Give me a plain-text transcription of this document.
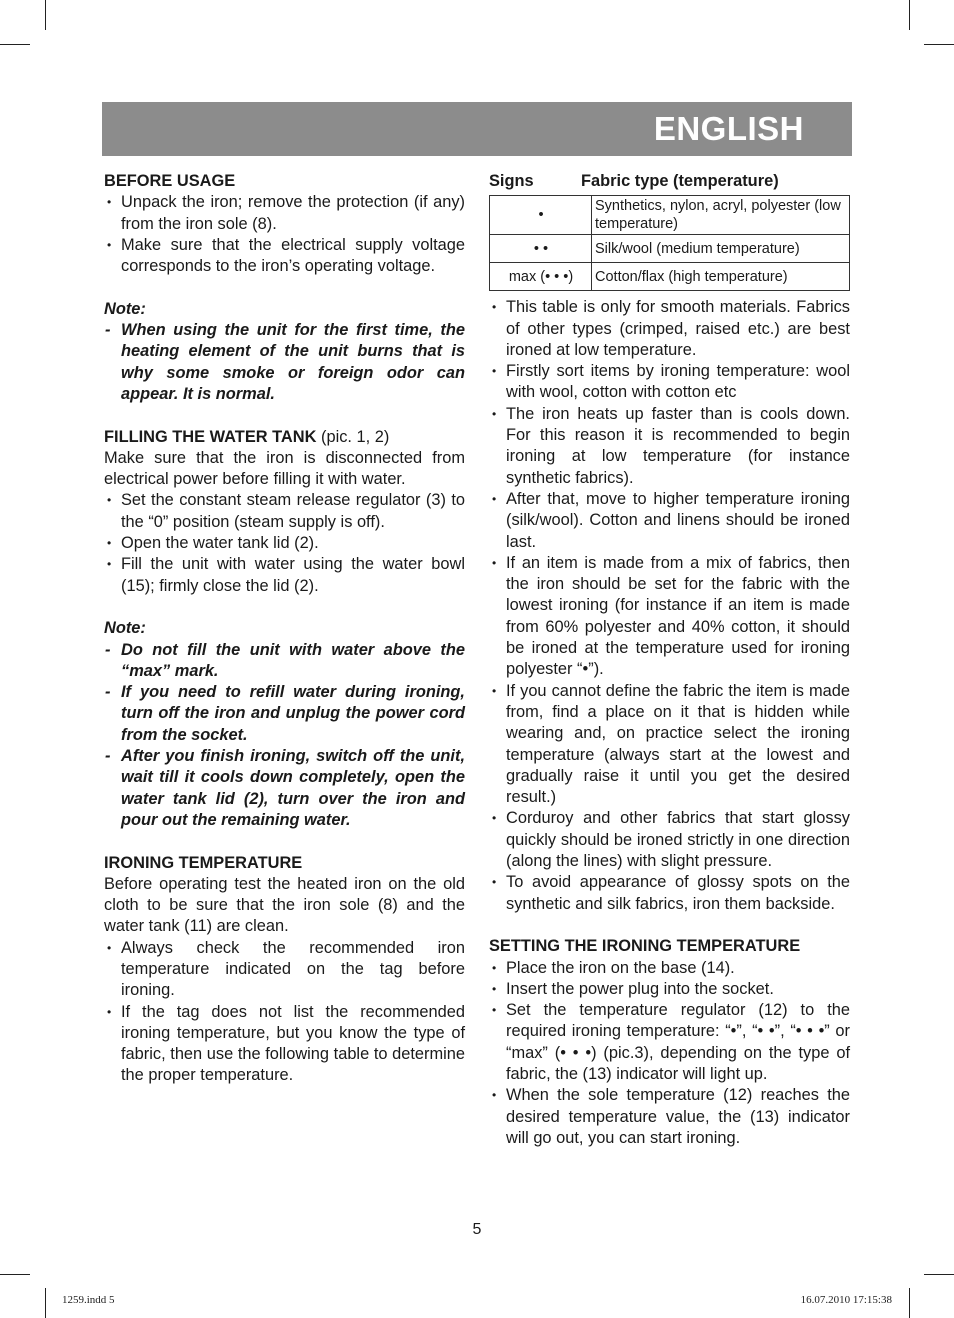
ENGLISH

BEFORE USAGE

• Unpack the iron; remove the protection (if any) from the iron sole (8).
• Make sure that the electrical supply voltage corresponds to the iron’s operating voltage.

Note:

- When using the unit for the first time, the heating element of the unit burns that is why some smoke or foreign odor can appear. It is normal.

FILLING THE WATER TANK (pic. 1, 2)

Make sure that the iron is disconnected from electrical power before filling it with water.

• Set the constant steam release regulator (3) to the “0” position (steam supply is off).
• Open the water tank lid (2).
• Fill the unit with water using the water bowl (15); firmly close the lid (2).

Note:

- Do not fill the unit with water above the “max” mark.
- If you need to refill water during ironing, turn off the iron and unplug the power cord from the socket.
- After you finish ironing, switch off the unit, wait till it cools down completely, open the water tank lid (2), turn over the iron and pour out the remaining water.

IRONING TEMPERATURE

Before operating test the heated iron on the old cloth to be sure that the iron sole (8) and the water tank (11) are clean.

• Always check the recommended iron temperature indicated on the tag before ironing.
• If the tag does not list the recommended ironing temperature, but you know the type of fabric, then use the following table to determine the proper temperature.
Signs	Fabric type (temperature)
•	Synthetics, nylon, acryl, polyester (low temperature)
• •	Silk/wool (medium temperature)
max (• • •)	Cotton/flax (high temperature)
• This table is only for smooth materials. Fabrics of other types (crimped, raised etc.) are best ironed at low temperature.
• Firstly sort items by ironing temperature: wool with wool, cotton with cotton etc
• The iron heats up faster than is cools down. For this reason it is recommended to begin ironing at low temperature (for instance synthetic fabrics).
• After that, move to higher temperature ironing (silk/wool). Cotton and linens should be ironed last.
• If an item is made from a mix of fabrics, then the iron should be set for the fabric with the lowest ironing (for instance if an item is made from 60% polyester and 40% cotton, it should be ironed at the temperature used for ironing polyester “•”).
• If you cannot define the fabric the item is made from, find a place on it that is hidden while wearing and, on practice select the ironing temperature (always start at the lowest and gradually raise it until you get the desired result.)
• Corduroy and other fabrics that start glossy quickly should be ironed strictly in one direction (along the lines) with slight pressure.
• To avoid appearance of glossy spots on the synthetic and silk fabrics, iron them backside.

SETTING THE IRONING TEMPERATURE

• Place the iron on the base (14).
• Insert the power plug into the socket.
• Set the temperature regulator (12) to the required ironing temperature: “•”, “• •”, “• • •” or “max” (• • •) (pic.3), depending on the type of fabric, the (13) indicator will light up.
• When the sole temperature (12) reaches the desired temperature value, the (13) indicator will go out, you can start ironing.
5
1259.indd 5	16.07.2010 17:15:38
